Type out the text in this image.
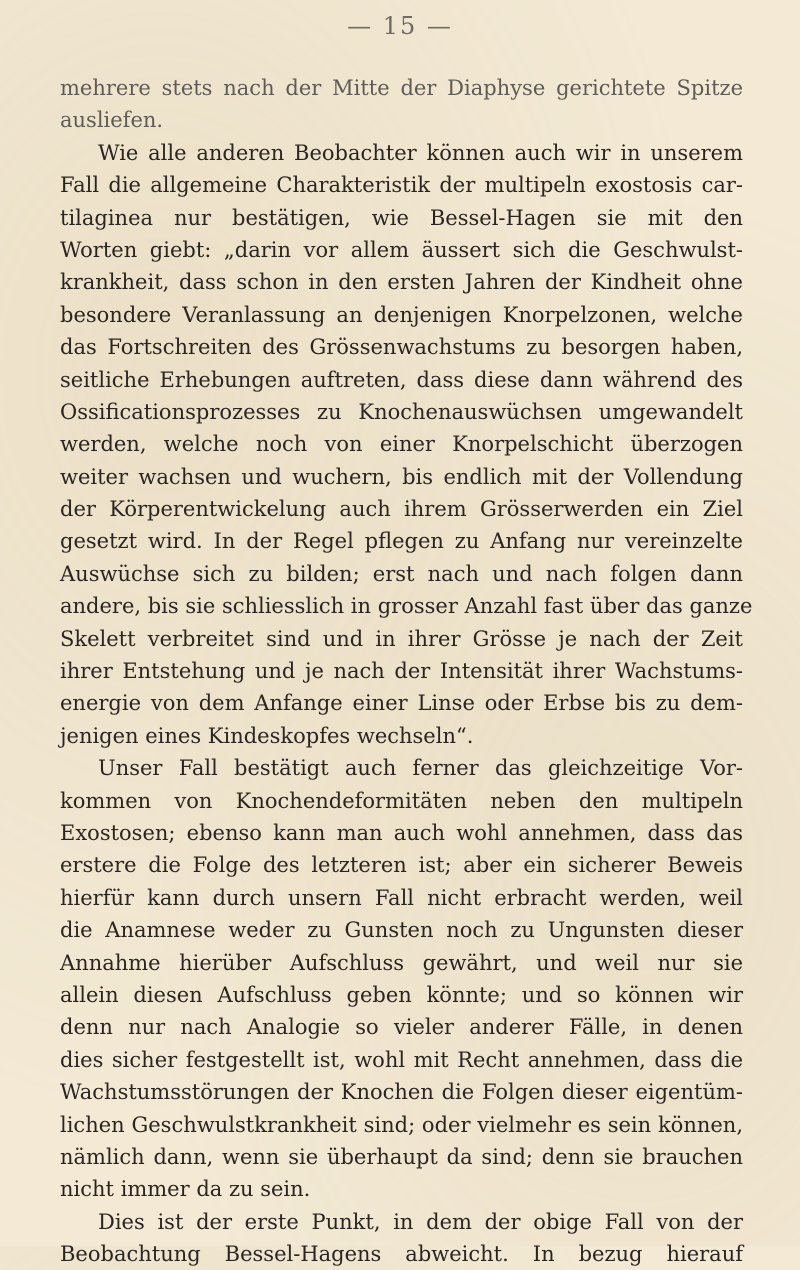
— 15 —
mehrere stets nach der Mitte der Diaphyse gerichtete Spitze
ausliefen.
Wie alle anderen Beobachter können auch wir in unserem
Fall die allgemeine Charakteristik der multipeln exostosis car-
tilaginea nur bestätigen, wie Bessel-Hagen sie mit den
Worten giebt: „darin vor allem äussert sich die Geschwulst-
krankheit, dass schon in den ersten Jahren der Kindheit ohne
besondere Veranlassung an denjenigen Knorpelzonen, welche
das Fortschreiten des Grössenwachstums zu besorgen haben,
seitliche Erhebungen auftreten, dass diese dann während des
Ossificationsprozesses zu Knochenauswüchsen umgewandelt
werden, welche noch von einer Knorpelschicht überzogen
weiter wachsen und wuchern, bis endlich mit der Vollendung
der Körperentwickelung auch ihrem Grösserwerden ein Ziel
gesetzt wird. In der Regel pflegen zu Anfang nur vereinzelte
Auswüchse sich zu bilden; erst nach und nach folgen dann
andere, bis sie schliesslich in grosser Anzahl fast über das ganze
Skelett verbreitet sind und in ihrer Grösse je nach der Zeit
ihrer Entstehung und je nach der Intensität ihrer Wachstums-
energie von dem Anfange einer Linse oder Erbse bis zu dem-
jenigen eines Kindeskopfes wechseln“.
Unser Fall bestätigt auch ferner das gleichzeitige Vor-
kommen von Knochendeformitäten neben den multipeln
Exostosen; ebenso kann man auch wohl annehmen, dass das
erstere die Folge des letzteren ist; aber ein sicherer Beweis
hierfür kann durch unsern Fall nicht erbracht werden, weil
die Anamnese weder zu Gunsten noch zu Ungunsten dieser
Annahme hierüber Aufschluss gewährt, und weil nur sie
allein diesen Aufschluss geben könnte; und so können wir
denn nur nach Analogie so vieler anderer Fälle, in denen
dies sicher festgestellt ist, wohl mit Recht annehmen, dass die
Wachstumsstörungen der Knochen die Folgen dieser eigentüm-
lichen Geschwulstkrankheit sind; oder vielmehr es sein können,
nämlich dann, wenn sie überhaupt da sind; denn sie brauchen
nicht immer da zu sein.
Dies ist der erste Punkt, in dem der obige Fall von der
Beobachtung Bessel-Hagens abweicht. In bezug hierauf
